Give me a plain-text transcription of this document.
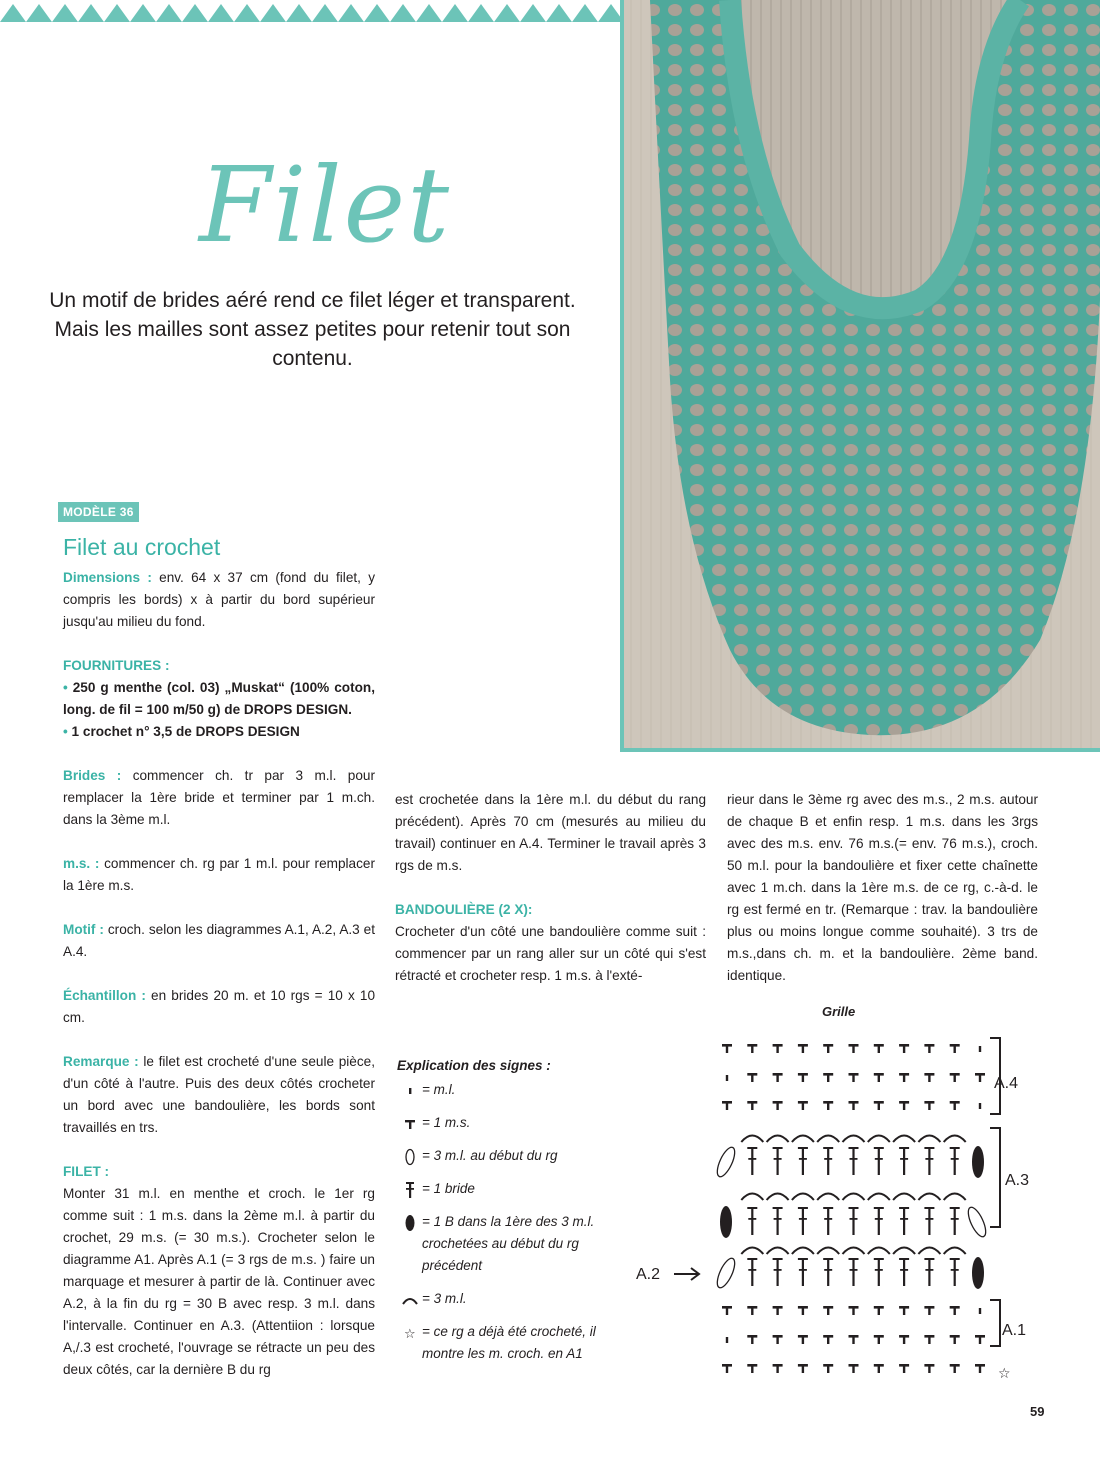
Filet
Un motif de brides aéré rend ce filet léger et transparent. Mais les mailles sont assez petites pour retenir tout son contenu.
MODÈLE 36
Filet au crochet

Dimensions : env. 64 x 37 cm (fond du filet, y compris les bords) x à partir du bord supérieur jusqu'au milieu du fond.

FOURNITURES :
• 250 g menthe (col. 03) „Muskat“ (100% coton, long. de fil = 100 m/50 g) de DROPS DESIGN.
• 1 crochet n° 3,5 de DROPS DESIGN

Brides : commencer ch. tr par 3 m.l. pour remplacer la 1ère bride et terminer par 1 m.ch. dans la 3ème m.l.

m.s. : commencer ch. rg par 1 m.l. pour remplacer la 1ère m.s.

Motif : croch. selon les diagrammes A.1, A.2, A.3 et A.4.

Échantillon : en brides 20 m. et 10 rgs = 10 x 10 cm.

Remarque : le filet est crocheté d'une seule pièce, d'un côté à l'autre. Puis des deux côtés crocheter un bord avec une bandoulière, les bords sont travaillés en trs.

FILET :
Monter 31 m.l. en menthe et croch. le 1er rg comme suit : 1 m.s. dans la 2ème m.l. à partir du crochet, 29 m.s. (= 30 m.s.). Crocheter selon le diagramme A1. Après A.1 (= 3 rgs de m.s. ) faire un marquage et mesurer à partir de là. Continuer avec A.2, à la fin du rg = 30 B avec resp. 3 m.l. dans l'intervalle. Continuer en A.3. (Attentiion : lorsque A,/.3 est crocheté, l'ouvrage se rétracte un peu des deux côtés, car la dernière B du rg

est crochetée dans la 1ère m.l. du début du rang précédent). Après 70 cm (mesurés au milieu du travail) continuer en A.4. Terminer le travail après 3 rgs de m.s.

BANDOULIÈRE (2 X):
Crocheter d'un côté une bandoulière comme suit : commencer par un rang aller sur un côté qui s'est rétracté et crocheter resp. 1 m.s. à l'exté-

rieur dans le 3ème rg avec des m.s., 2 m.s. autour de chaque B et enfin resp. 1 m.s. dans les 3rgs avec des m.s. env. 76 m.s.(= env. 76 m.s.), croch. 50 m.l. pour la bandoulière et fixer cette chaînette avec 1 m.ch. dans la 1ère m.s. de ce rg, c.-à-d. le rg est fermé en tr. (Remarque : trav. la bandoulière plus ou moins longue comme souhaité). 3 trs de m.s.,dans ch. m. et la bandoulière. 2ème band. identique.

Explication des signes :
= m.l.
= 1 m.s.
= 3 m.l. au début du rg
= 1 bride
= 1 B dans la 1ère des 3 m.l. crochetées au début du rg précédent
= 3 m.l.
☆ = ce rg a déjà été crocheté, il montre les m. croch. en A1
Grille
☆
A.4
A.3
A.1
A.2
59
